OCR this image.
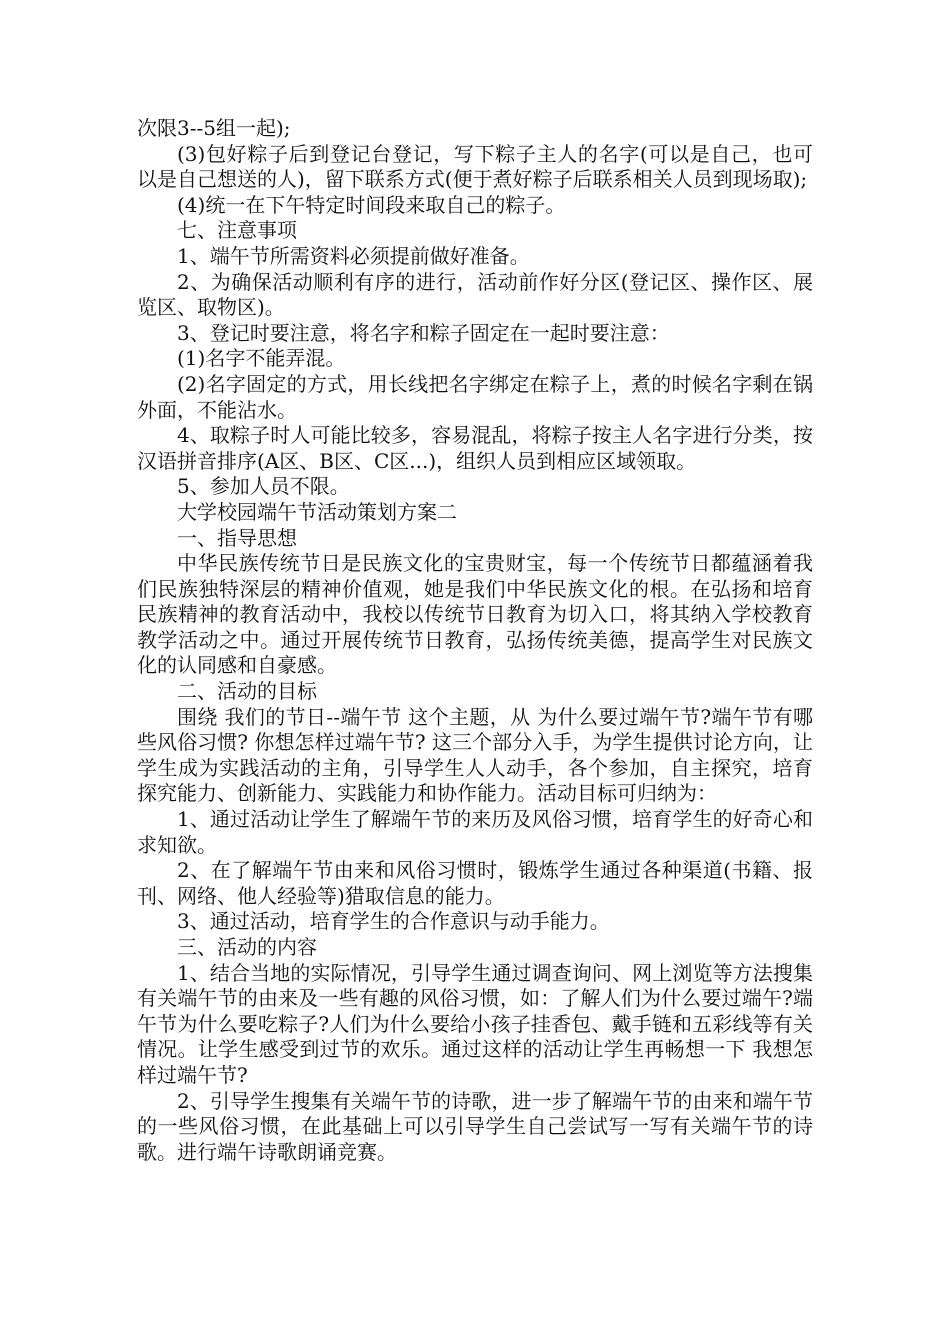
次限3--5组一起);

(3)包好粽子后到登记台登记，写下粽子主人的名字(可以是自己，也可以是自己想送的人)，留下联系方式(便于煮好粽子后联系相关人员到现场取);

(4)统一在下午特定时间段来取自己的粽子。

七、注意事项

1、端午节所需资料必须提前做好准备。

2、为确保活动顺利有序的进行，活动前作好分区(登记区、操作区、展览区、取物区)。

3、登记时要注意，将名字和粽子固定在一起时要注意：

(1)名字不能弄混。

(2)名字固定的方式，用长线把名字绑定在粽子上，煮的时候名字剩在锅外面，不能沾水。

4、取粽子时人可能比较多，容易混乱，将粽子按主人名字进行分类，按汉语拼音排序(A区、B区、C区...)，组织人员到相应区域领取。

5、参加人员不限。

大学校园端午节活动策划方案二

一、指导思想

中华民族传统节日是民族文化的宝贵财宝，每一个传统节日都蕴涵着我们民族独特深层的精神价值观，她是我们中华民族文化的根。在弘扬和培育民族精神的教育活动中，我校以传统节日教育为切入口，将其纳入学校教育教学活动之中。通过开展传统节日教育，弘扬传统美德，提高学生对民族文化的认同感和自豪感。

二、活动的目标

围绕 我们的节日--端午节 这个主题，从 为什么要过端午节?端午节有哪些风俗习惯? 你想怎样过端午节? 这三个部分入手，为学生提供讨论方向，让学生成为实践活动的主角，引导学生人人动手，各个参加，自主探究，培育探究能力、创新能力、实践能力和协作能力。活动目标可归纳为：

1、通过活动让学生了解端午节的来历及风俗习惯，培育学生的好奇心和求知欲。

2、在了解端午节由来和风俗习惯时，锻炼学生通过各种渠道(书籍、报刊、网络、他人经验等)猎取信息的能力。

3、通过活动，培育学生的合作意识与动手能力。

三、活动的内容

1、结合当地的实际情况，引导学生通过调查询问、网上浏览等方法搜集有关端午节的由来及一些有趣的风俗习惯，如：了解人们为什么要过端午?端午节为什么要吃粽子?人们为什么要给小孩子挂香包、戴手链和五彩线等有关情况。让学生感受到过节的欢乐。通过这样的活动让学生再畅想一下 我想怎样过端午节?

2、引导学生搜集有关端午节的诗歌，进一步了解端午节的由来和端午节的一些风俗习惯，在此基础上可以引导学生自己尝试写一写有关端午节的诗歌。进行端午诗歌朗诵竞赛。
